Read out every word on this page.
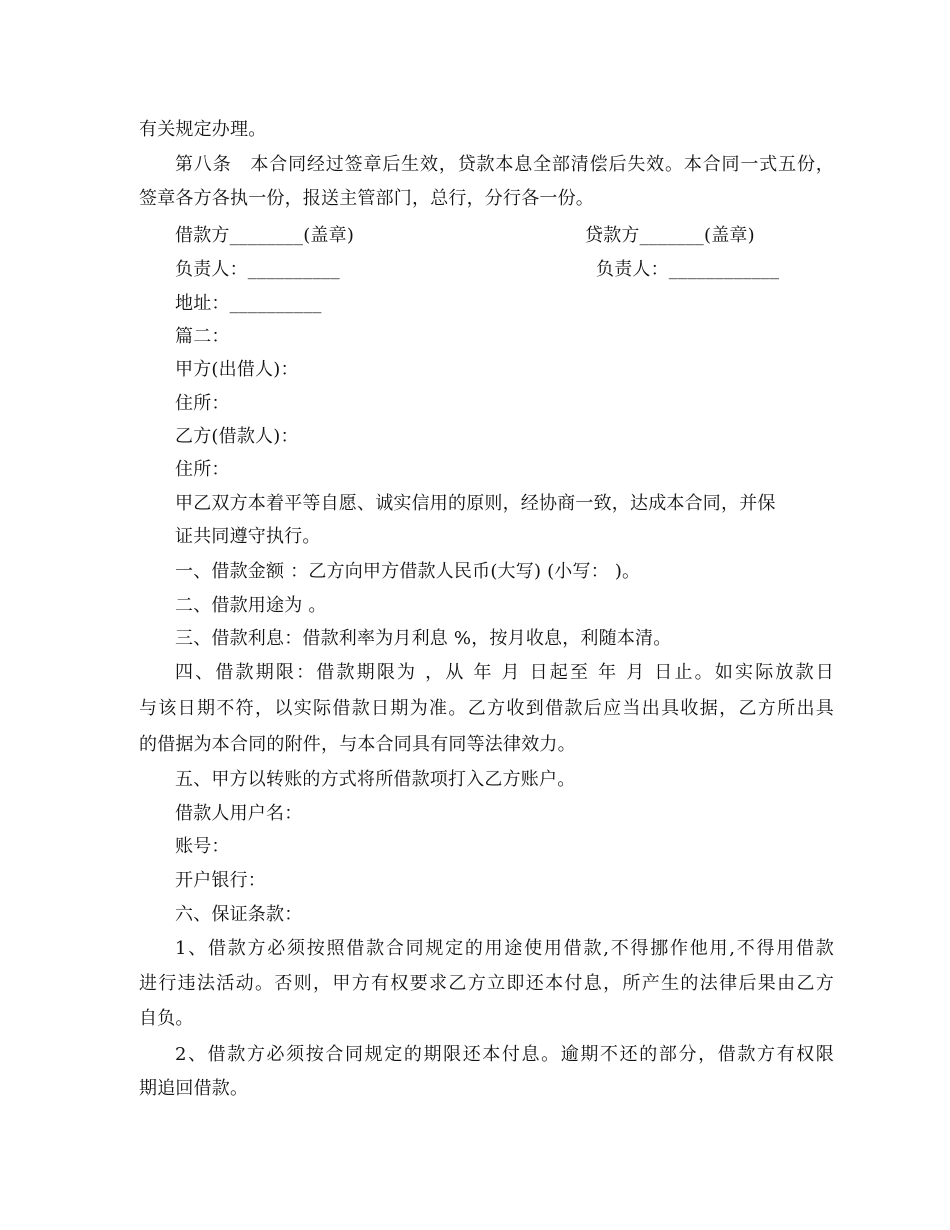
有关规定办理。
第八条　本合同经过签章后生效，贷款本息全部清偿后失效。本合同一式五份，
签章各方各执一份，报送主管部门，总行，分行各一份。
借款方________(盖章)	贷款方_______(盖章)
负责人：__________	负责人：____________
地址：__________
篇二：
甲方(出借人)：
住所：
乙方(借款人)：
住所：
甲乙双方本着平等自愿、诚实信用的原则，经协商一致，达成本合同，并保
证共同遵守执行。
一、借款金额 ：乙方向甲方借款人民币(大写) (小写： )。
二、借款用途为 。
三、借款利息：借款利率为月利息 %，按月收息，利随本清。
四、借款期限：借款期限为 ，从 年 月 日起至 年 月 日止。如实际放款日
与该日期不符，以实际借款日期为准。乙方收到借款后应当出具收据，乙方所出具
的借据为本合同的附件，与本合同具有同等法律效力。
五、甲方以转账的方式将所借款项打入乙方账户。
借款人用户名：
账号：
开户银行：
六、保证条款：
1、借款方必须按照借款合同规定的用途使用借款,不得挪作他用,不得用借款
进行违法活动。否则，甲方有权要求乙方立即还本付息，所产生的法律后果由乙方
自负。
2、借款方必须按合同规定的期限还本付息。逾期不还的部分，借款方有权限
期追回借款。
